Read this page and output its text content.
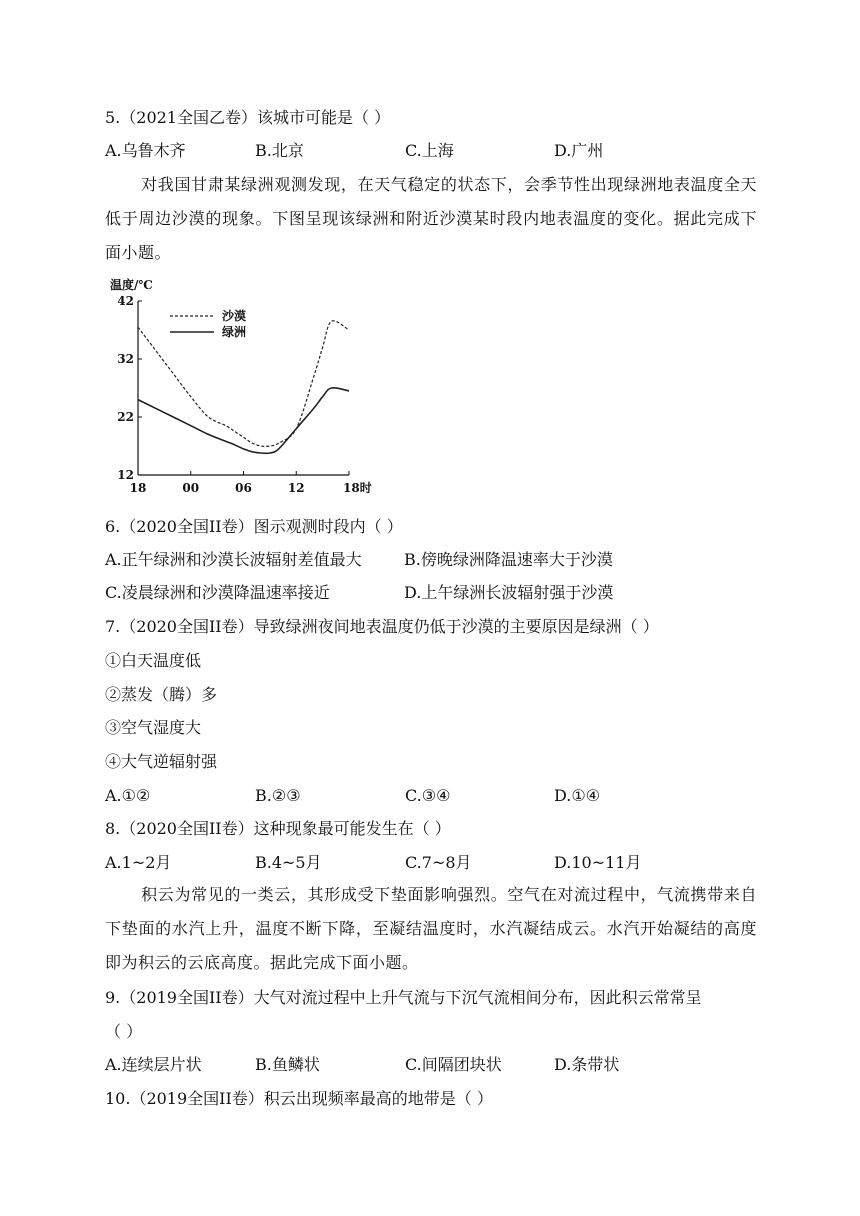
5.（2021全国乙卷）该城市可能是（ ）
A.乌鲁木齐	B.北京	C.上海	D.广州
对我国甘肃某绿洲观测发现，在天气稳定的状态下，会季节性出现绿洲地表温度全天低于周边沙漠的现象。下图呈现该绿洲和附近沙漠某时段内地表温度的变化。据此完成下面小题。
温度/℃
12
22
32
42
18	00	06	12	18时
沙漠
绿洲
6.（2020全国II卷）图示观测时段内（ ）
A.正午绿洲和沙漠长波辐射差值最大	B.傍晚绿洲降温速率大于沙漠
C.凌晨绿洲和沙漠降温速率接近	D.上午绿洲长波辐射强于沙漠
7.（2020全国II卷）导致绿洲夜间地表温度仍低于沙漠的主要原因是绿洲（ ）
①白天温度低
②蒸发（腾）多
③空气湿度大
④大气逆辐射强
A.①②	B.②③	C.③④	D.①④
8.（2020全国II卷）这种现象最可能发生在（ ）
A.1~2月	B.4~5月	C.7~8月	D.10~11月
积云为常见的一类云，其形成受下垫面影响强烈。空气在对流过程中，气流携带来自下垫面的水汽上升，温度不断下降，至凝结温度时，水汽凝结成云。水汽开始凝结的高度即为积云的云底高度。据此完成下面小题。
9.（2019全国II卷）大气对流过程中上升气流与下沉气流相间分布，因此积云常常呈
（ ）
A.连续层片状	B.鱼鳞状	C.间隔团块状	D.条带状
10.（2019全国II卷）积云出现频率最高的地带是（ ）
